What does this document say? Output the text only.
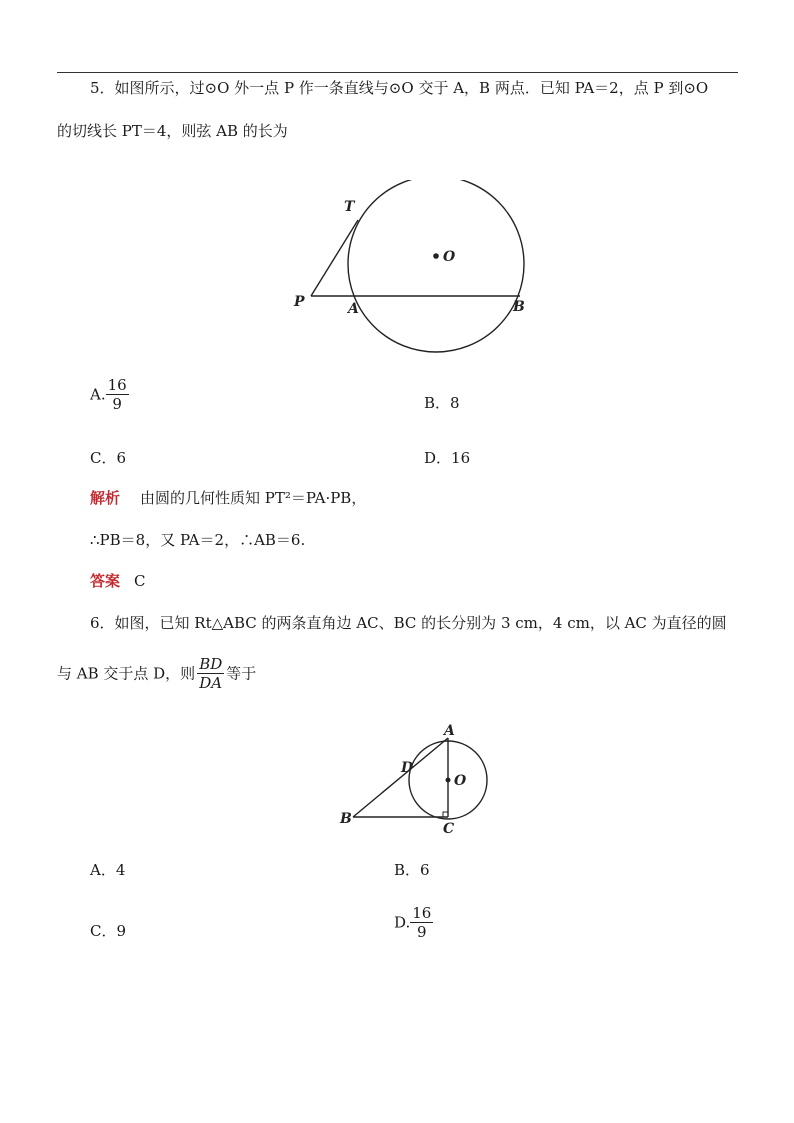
5．如图所示，过⊙O 外一点 P 作一条直线与⊙O 交于 A，B 两点．已知 PA＝2，点 P 到⊙O
的切线长 PT＝4，则弦 AB 的长为
T
O
P	A	B
A. $\frac{16}{9}$	B．8
C．6	D．16
解析 由圆的几何性质知 PT²＝PA·PB，
∴PB＝8，又 PA＝2，∴AB＝6.
答案 C
6．如图，已知 Rt△ABC 的两条直角边 AC、BC 的长分别为 3 cm，4 cm，以 AC 为直径的圆
与 AB 交于点 D，则 $\frac{BD}{DA}$ 等于
A
D
O
B
C
A．4	B．6
C．9	D. $\frac{16}{9}$
